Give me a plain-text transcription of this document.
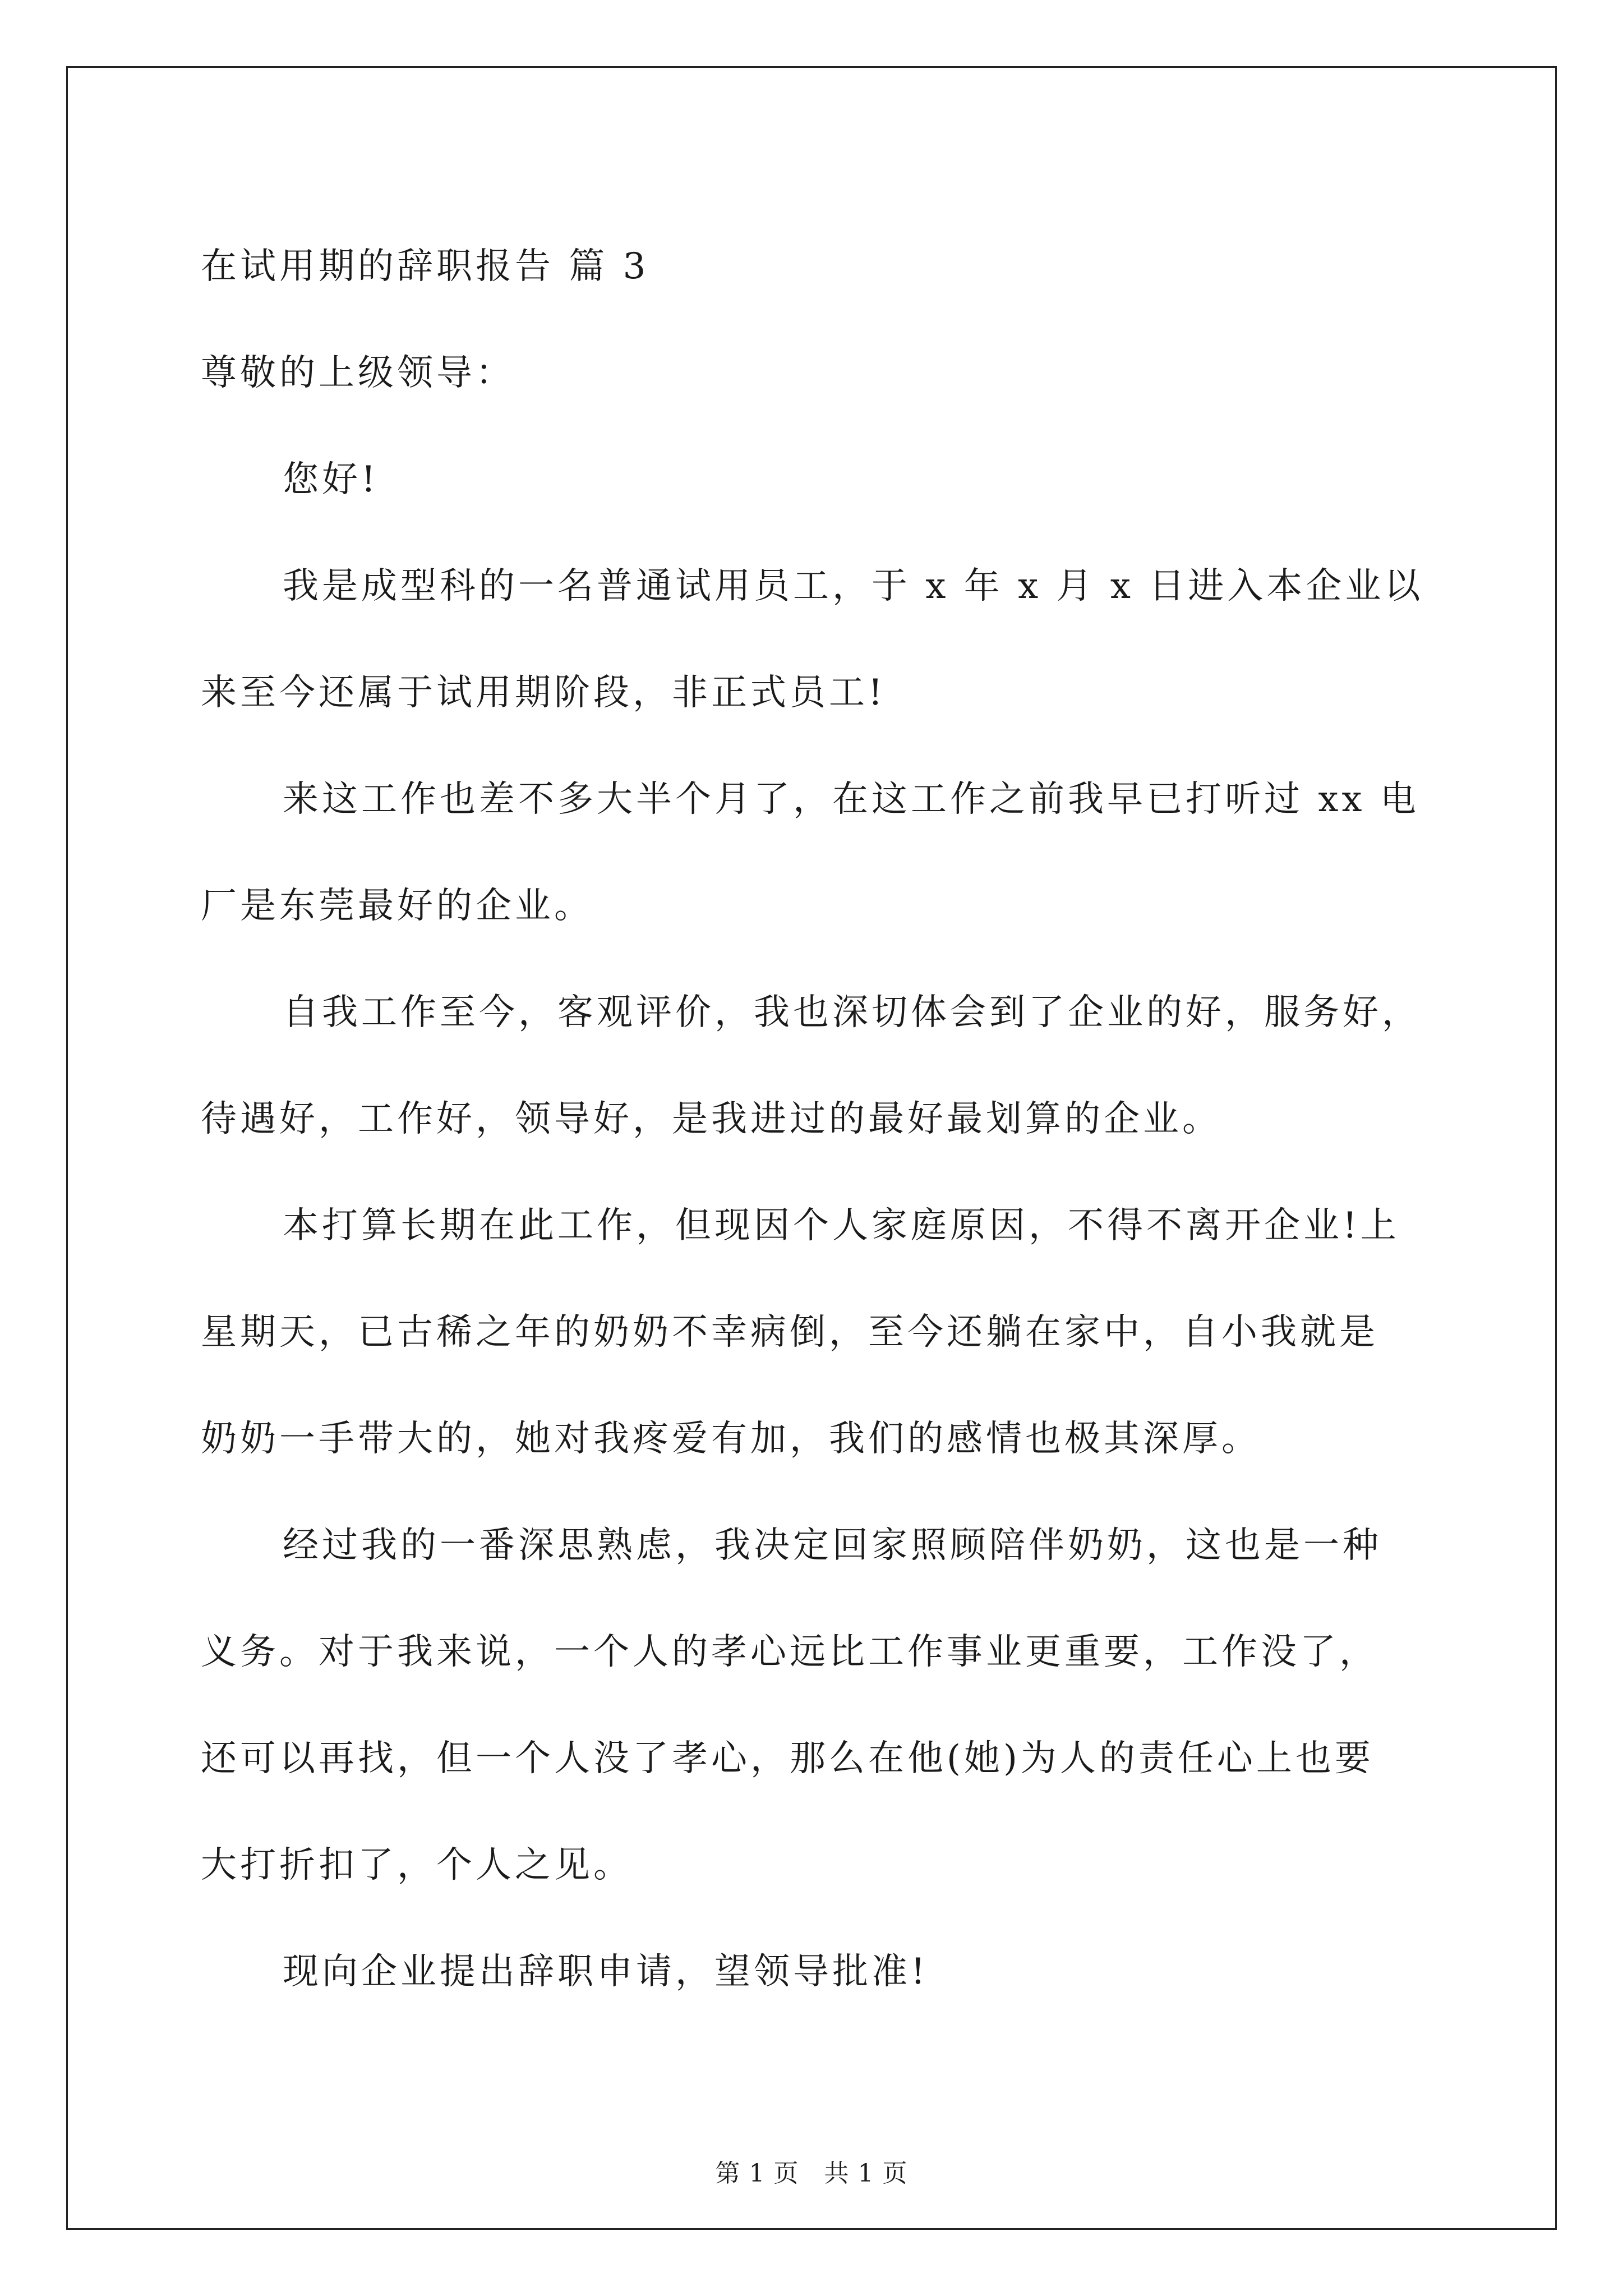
在试用期的辞职报告 篇 3
尊敬的上级领导：
您好!
我是成型科的一名普通试用员工，于 x 年 x 月 x 日进入本企业以
来至今还属于试用期阶段，非正式员工!
来这工作也差不多大半个月了，在这工作之前我早已打听过 xx 电
厂是东莞最好的企业。
自我工作至今，客观评价，我也深切体会到了企业的好，服务好，
待遇好，工作好，领导好，是我进过的最好最划算的企业。
本打算长期在此工作，但现因个人家庭原因，不得不离开企业!上
星期天，已古稀之年的奶奶不幸病倒，至今还躺在家中，自小我就是
奶奶一手带大的，她对我疼爱有加，我们的感情也极其深厚。
经过我的一番深思熟虑，我决定回家照顾陪伴奶奶，这也是一种
义务。对于我来说，一个人的孝心远比工作事业更重要，工作没了，
还可以再找，但一个人没了孝心，那么在他(她)为人的责任心上也要
大打折扣了，个人之见。
现向企业提出辞职申请，望领导批准!
第 1 页 共 1 页
